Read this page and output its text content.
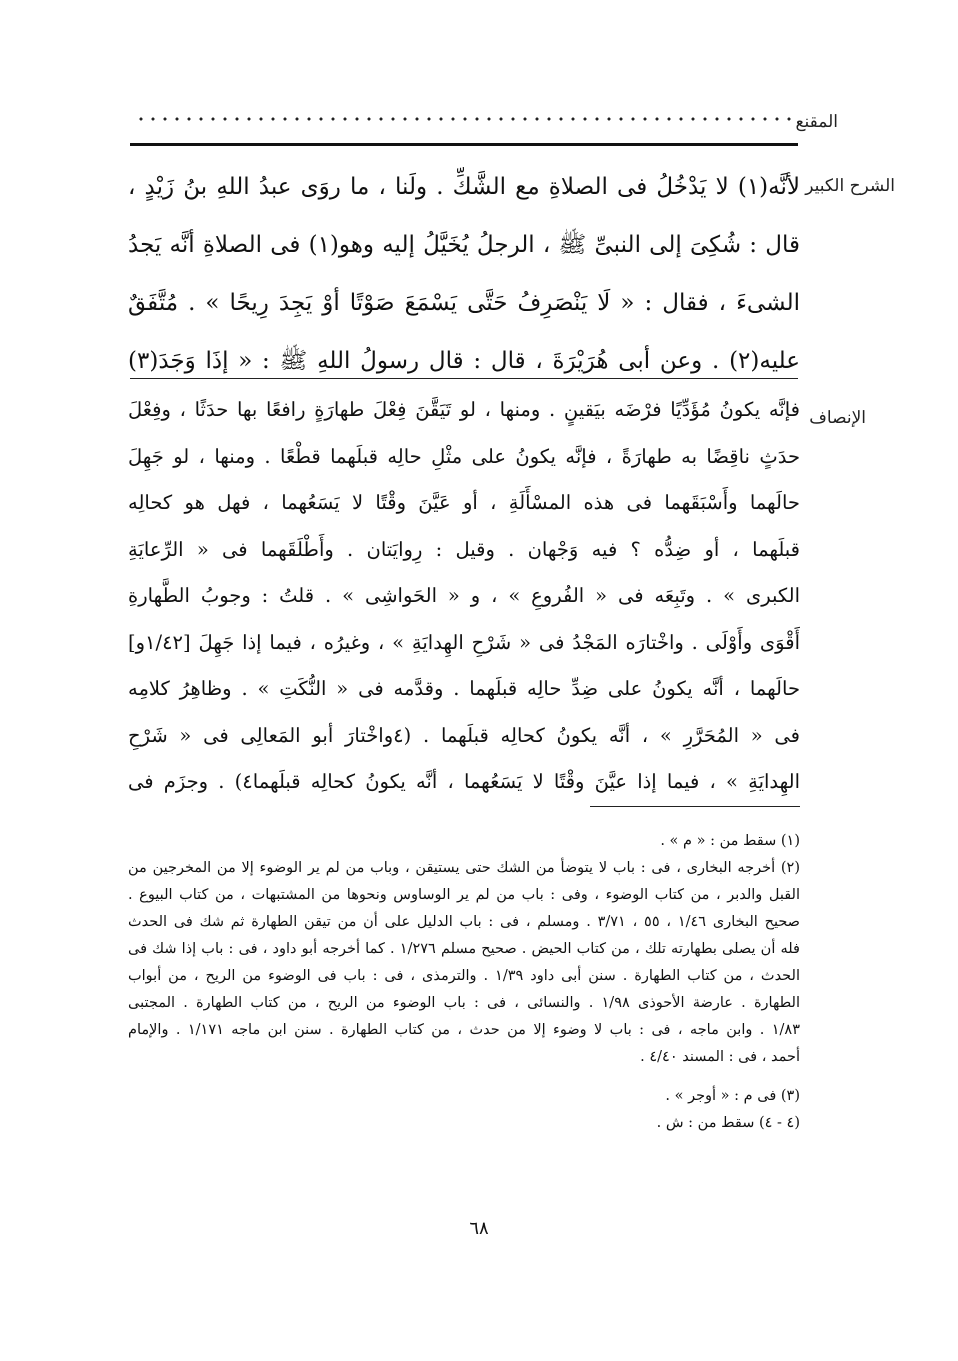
المقنع
الشرح الكبير
لأنَّه(١) لا يَدْخُلُ فى الصلاةِ مع الشَّكِّ . ولَنا ، ما روَى عبدُ اللهِ بنُ زَيْدٍ ،
قال : شُكِىَ إلى النبىِّ ﷺ ، الرجلُ يُخَيَّلُ إليه وهو(١) فى الصلاةِ أنَّه يَجدُ
الشىءَ ، فقال : « لَا يَنْصَرِفُ حَتَّى يَسْمَعَ صَوْتًا أوْ يَجِدَ رِيحًا » . مُتَّفَقٌ
عليه(٢) . وعن أبى هُرَيْرَةَ ، قال : قال رسولُ اللهِ ﷺ : « إذَا وَجَدَ(٣)
الإنصاف
فإنَّه يكونُ مُؤَدِّيًا فرْضَه بيَقينٍ . ومنها ، لو تَيَقَّنَ فِعْلَ طهارَةٍ رافعًا بها حدَثًا ، وفِعْلَ
حدَثٍ ناقِضًا به طهارَةً ، فإنَّه يكونُ على مثْلِ حالِه قبلَهما قطْعًا . ومنها ، لو جَهِلَ
حالَهما وأَسْبَقَهما فى هذه المسْأَلَةِ ، أو عَيَّنَ وقْتًا لا يَسَعُهما ، فهل هو كحالِه
قبلَهما ، أو ضِدُّه ؟ فيه وَجْهان . وقيل : رِوايَتان . وأَطْلَقَهما فى « الرِّعايَةِ
الكبرى » . وتَبِعَه فى « الفُروعِ » ، و « الحَواشِى » . قلتُ : وجوبُ الطَّهارةِ
أَقْوَى وأَوْلَى . واخْتارَه المَجْدُ فى « شَرْحِ الهِدايَةِ » ، وغيرُه ، فيما إذا جَهِلَ [١/٤٢و]
حالَهما ، أنَّه يكونُ على ضِدِّ حالِه قبلَهما . وقدَّمه فى « النُّكَتِ » . وظاهِرُ كلامِه
فى « المُحَرَّرِ » ، أنَّه يكونُ كحالِه قبلَهما . (٤واخْتارَ أبو المَعالِى فى « شَرْحِ
الهِدايَةِ » ، فيما إذا عيَّنَ وقْتًا لا يَسَعُهما ، أنَّه يكونُ كحالِه قبلَهما٤) . وجزَم فى
(١) سقط من : « م » .
(٢) أخرجه البخارى ، فى : باب لا يتوضأ من الشك حتى يستيقن ، وباب من لم ير الوضوء إلا من المخرجين من
القبل والدبر ، من كتاب الوضوء ، وفى : باب من لم ير الوساوس ونحوها من المشتبهات ، من كتاب البيوع .
صحيح البخارى ١/٤٦ ، ٥٥ ، ٣/٧١ . ومسلم ، فى : باب الدليل على أن من تيقن الطهارة ثم شك فى الحدث
فله أن يصلى بطهارته تلك ، من كتاب الحيض . صحيح مسلم ١/٢٧٦ . كما أخرجه أبو داود ، فى : باب إذا شك فى
الحدث ، من كتاب الطهارة . سنن أبى داود ١/٣٩ . والترمذى ، فى : باب فى الوضوء من الريح ، من أبواب
الطهارة . عارضة الأحوذى ١/٩٨ . والنسائى ، فى : باب الوضوء من الريح ، من كتاب الطهارة . المجتبى
١/٨٣ . وابن ماجه ، فى : باب لا وضوء إلا من حدث ، من كتاب الطهارة . سنن ابن ماجه ١/١٧١ . والإمام
أحمد ، فى : المسند ٤/٤٠ .
(٣) فى م : « أوجر » .
(٤ - ٤) سقط من : ش .
٦٨
